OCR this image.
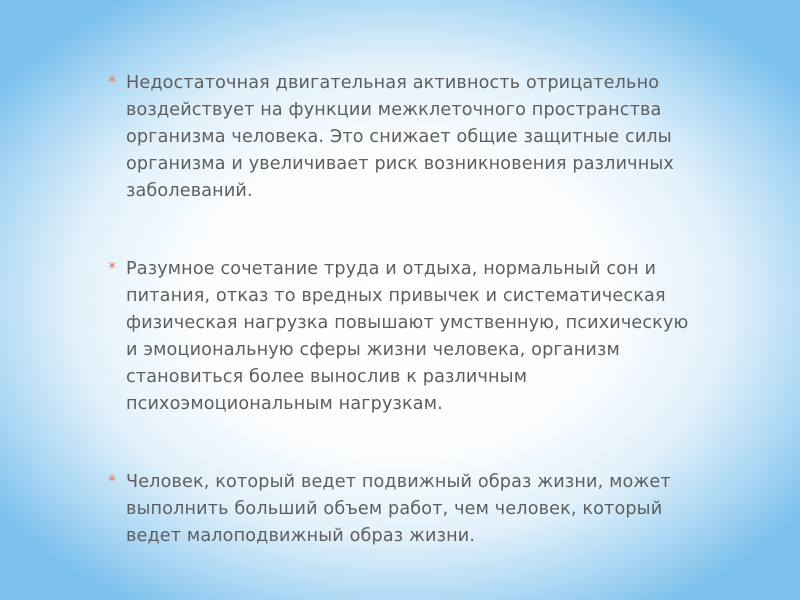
* Недостаточная двигательная активность отрицательно
воздействует на функции межклеточного пространства
организма человека. Это снижает общие защитные силы
организма и увеличивает риск возникновения различных
заболеваний.
* Разумное сочетание труда и отдыха, нормальный сон и
питания, отказ то вредных привычек и систематическая
физическая нагрузка повышают умственную, психическую
и эмоциональную сферы жизни человека, организм
становиться более вынослив к различным
психоэмоциональным нагрузкам.
* Человек, который ведет подвижный образ жизни, может
выполнить больший объем работ, чем человек, который
ведет малоподвижный образ жизни.
